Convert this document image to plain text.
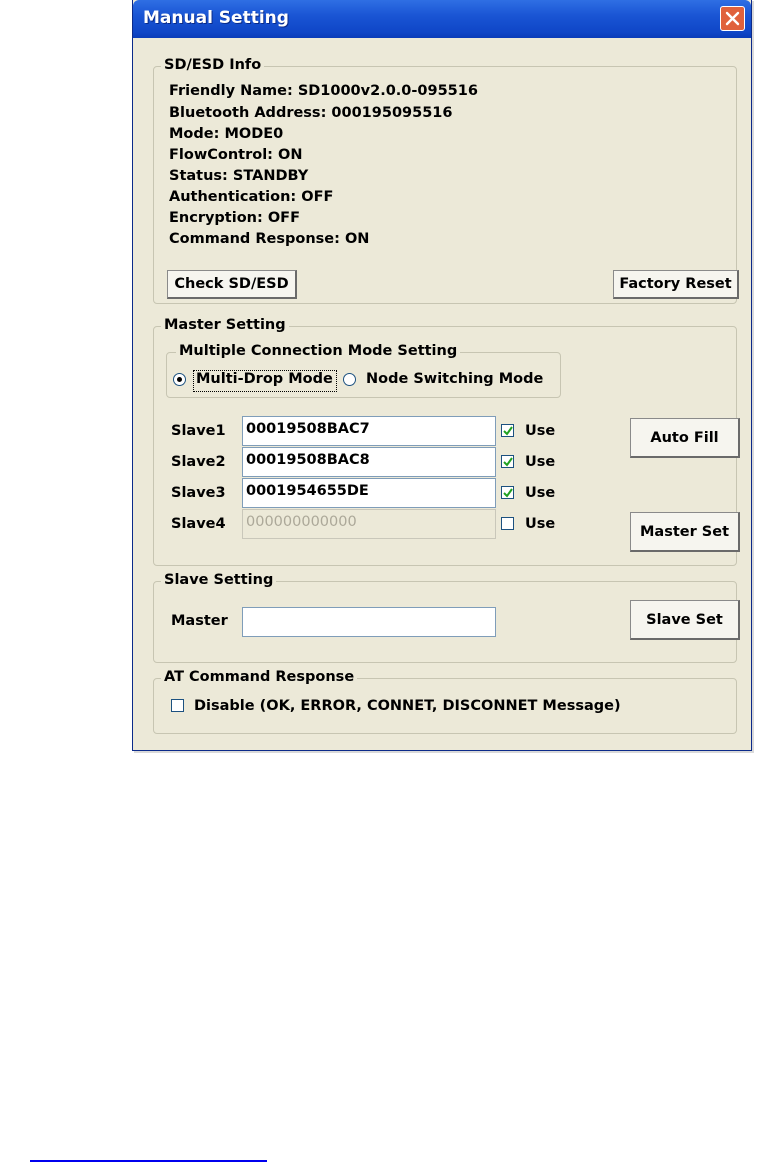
Manual Setting
SD/ESD Info
Friendly Name: SD1000v2.0.0-095516
Bluetooth Address: 000195095516
Mode: MODE0
FlowControl: ON
Status: STANDBY
Authentication: OFF
Encryption: OFF
Command Response: ON
Check SD/ESD	Factory Reset
Master Setting
Multiple Connection Mode Setting
Multi-Drop Mode Node Switching Mode
Slave1 00019508BAC7	Use
Slave2 00019508BAC8	Use
Slave3 0001954655DE	Use
Slave4 000000000000	Use
Auto Fill
Master Set
Slave Setting
Master	Slave Set
AT Command Response
Disable (OK, ERROR, CONNET, DISCONNET Message)
